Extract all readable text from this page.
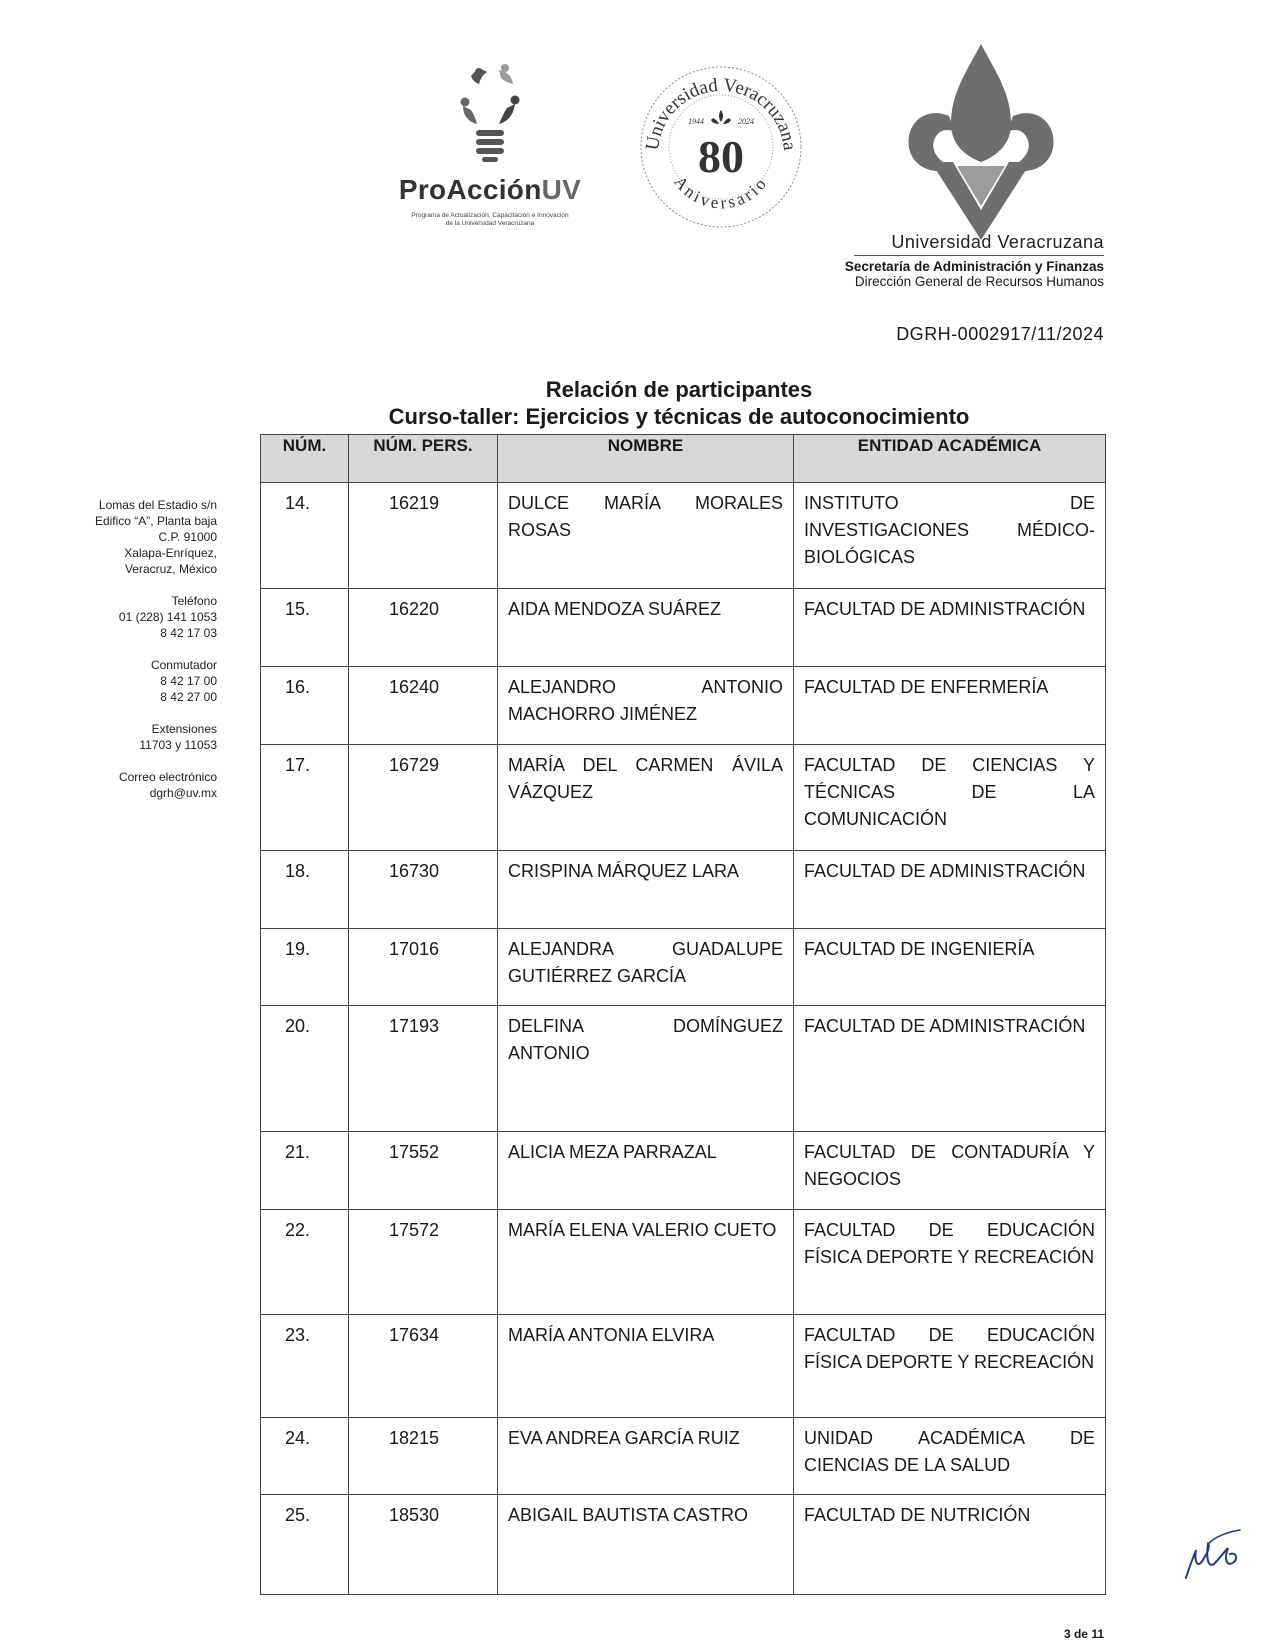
ProAcciónUV
Programa de Actualización, Capacitación e Innovación
de la Universidad Veracruzana
Universidad Veracruzana
Aniversario
1944	2024
80
Universidad Veracruzana
Secretaría de Administración y Finanzas
Dirección General de Recursos Humanos
DGRH-0002917/11/2024
Relación de participantes
Curso-taller: Ejercicios y técnicas de autoconocimiento
Lomas del Estadio s/n
Edifico “A”, Planta baja
C.P. 91000
Xalapa-Enríquez,
Veracruz, México
Teléfono
01 (228) 141 1053
8 42 17 03
Conmutador
8 42 17 00
8 42 27 00
Extensiones
11703 y 11053
Correo electrónico
dgrh@uv.mx
NÚM.	NÚM. PERS.	NOMBRE	ENTIDAD ACADÉMICA
14.	16219	DULCE MARÍA MORALES ROSAS	INSTITUTO DE INVESTIGACIONES MÉDICO-BIOLÓGICAS
15.	16220	AIDA MENDOZA SUÁREZ	FACULTAD DE ADMINISTRACIÓN
16.	16240	ALEJANDRO ANTONIO MACHORRO JIMÉNEZ	FACULTAD DE ENFERMERÍA
17.	16729	MARÍA DEL CARMEN ÁVILA VÁZQUEZ	FACULTAD DE CIENCIAS Y TÉCNICAS DE LA COMUNICACIÓN
18.	16730	CRISPINA MÁRQUEZ LARA	FACULTAD DE ADMINISTRACIÓN
19.	17016	ALEJANDRA GUADALUPE GUTIÉRREZ GARCÍA	FACULTAD DE INGENIERÍA
20.	17193	DELFINA DOMÍNGUEZ ANTONIO	FACULTAD DE ADMINISTRACIÓN
21.	17552	ALICIA MEZA PARRAZAL	FACULTAD DE CONTADURÍA Y NEGOCIOS
22.	17572	MARÍA ELENA VALERIO CUETO	FACULTAD DE EDUCACIÓN FÍSICA DEPORTE Y RECREACIÓN
23.	17634	MARÍA ANTONIA ELVIRA	FACULTAD DE EDUCACIÓN FÍSICA DEPORTE Y RECREACIÓN
24.	18215	EVA ANDREA GARCÍA RUIZ	UNIDAD ACADÉMICA DE CIENCIAS DE LA SALUD
25.	18530	ABIGAIL BAUTISTA CASTRO	FACULTAD DE NUTRICIÓN
3 de 11
